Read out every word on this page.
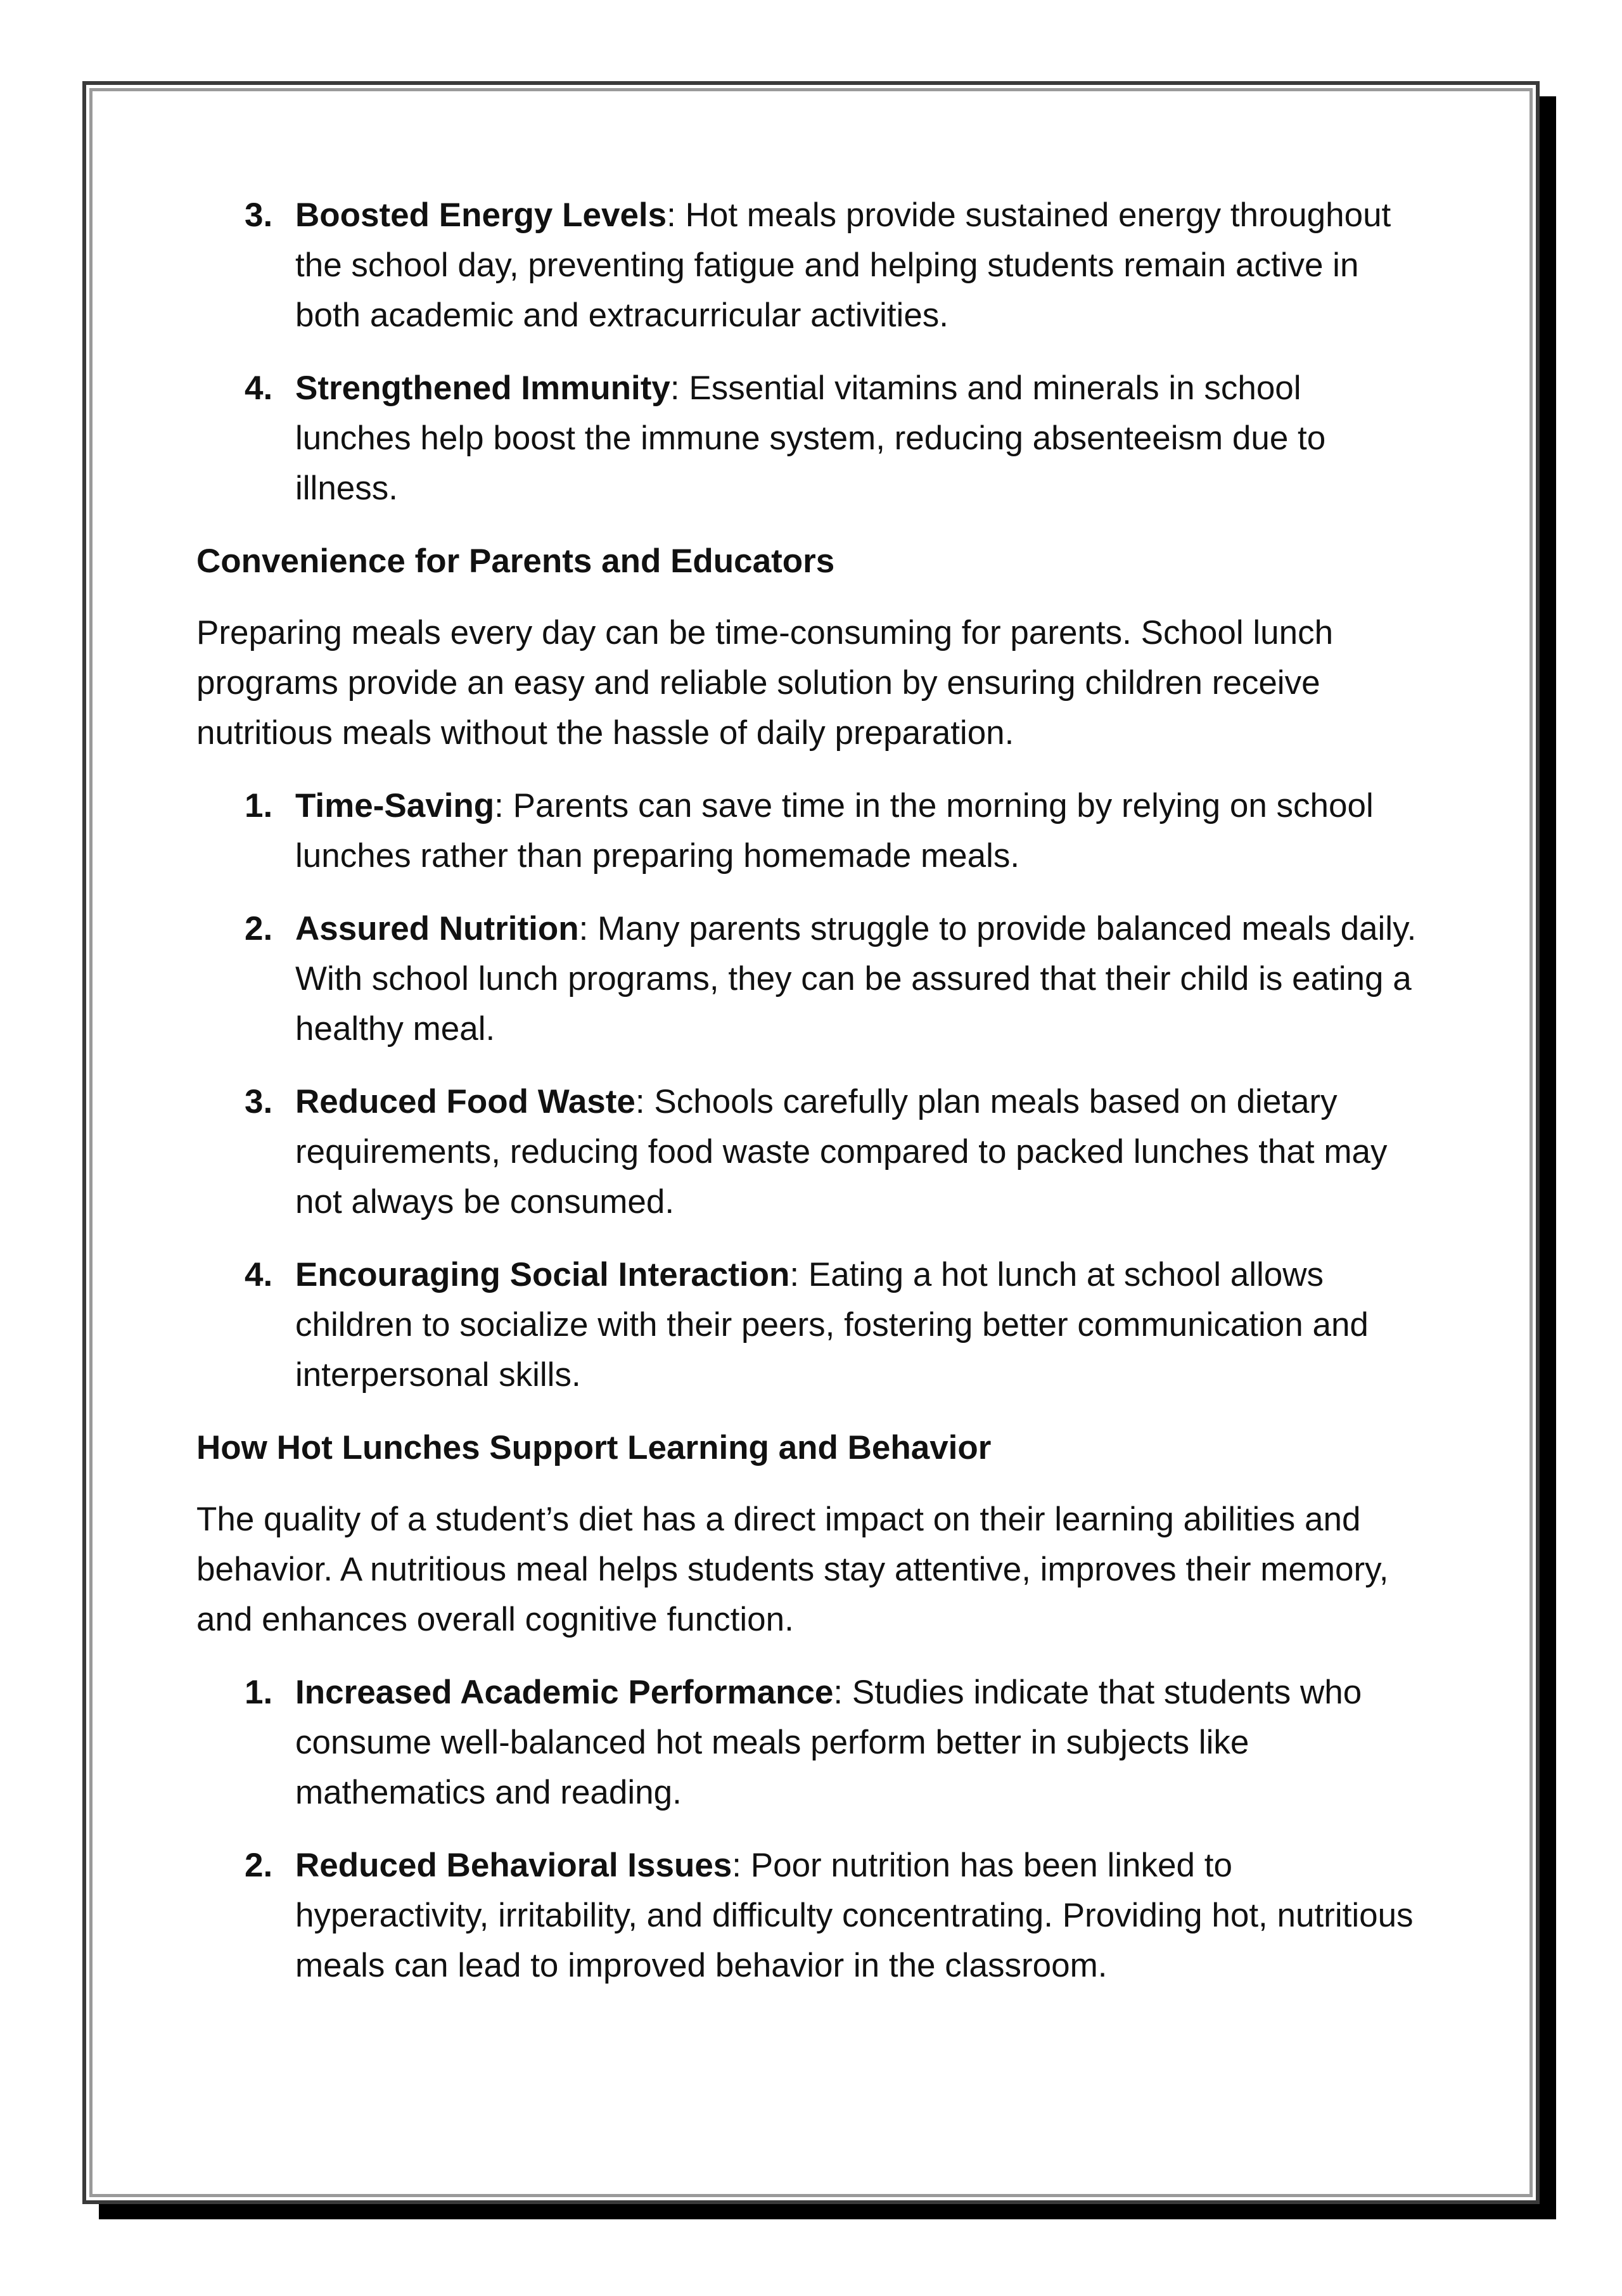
3. Boosted Energy Levels: Hot meals provide sustained energy throughout the school day, preventing fatigue and helping students remain active in both academic and extracurricular activities.
4. Strengthened Immunity: Essential vitamins and minerals in school lunches help boost the immune system, reducing absenteeism due to illness.
Convenience for Parents and Educators

Preparing meals every day can be time-consuming for parents. School lunch programs provide an easy and reliable solution by ensuring children receive nutritious meals without the hassle of daily preparation.

1. Time-Saving: Parents can save time in the morning by relying on school lunches rather than preparing homemade meals.
2. Assured Nutrition: Many parents struggle to provide balanced meals daily. With school lunch programs, they can be assured that their child is eating a healthy meal.
3. Reduced Food Waste: Schools carefully plan meals based on dietary requirements, reducing food waste compared to packed lunches that may not always be consumed.
4. Encouraging Social Interaction: Eating a hot lunch at school allows children to socialize with their peers, fostering better communication and interpersonal skills.
How Hot Lunches Support Learning and Behavior

The quality of a student’s diet has a direct impact on their learning abilities and behavior. A nutritious meal helps students stay attentive, improves their memory, and enhances overall cognitive function.

1. Increased Academic Performance: Studies indicate that students who consume well-balanced hot meals perform better in subjects like mathematics and reading.
2. Reduced Behavioral Issues: Poor nutrition has been linked to hyperactivity, irritability, and difficulty concentrating. Providing hot, nutritious meals can lead to improved behavior in the classroom.
